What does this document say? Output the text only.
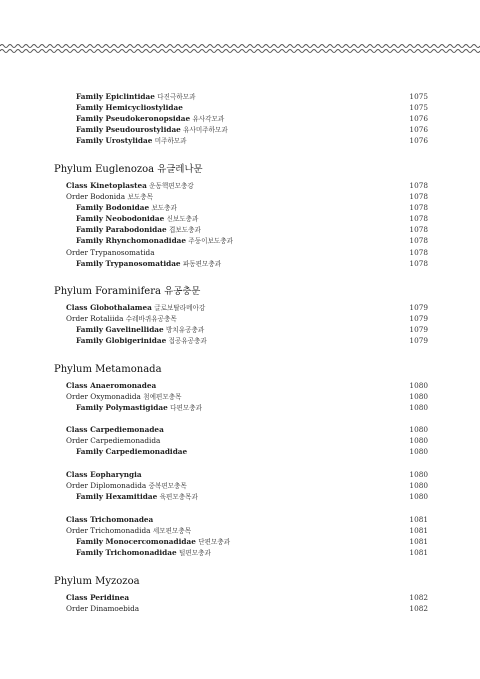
Family Epiclintidae 다진극하모과	1075
Family Hemicycliostylidae	1075
Family Pseudokeronopsidae 유사각모과	1076
Family Pseudourostylidae 유사미주하모과	1076
Family Urostylidae 미주하모과	1076
Phylum Euglenozoa 유글레나문
Class Kinetoplastea 운동핵편모충강	1078
Order Bodonida 보도충목	1078
Family Bodonidae 보도충과	1078
Family Neobodonidae 신보도충과	1078
Family Parabodonidae 겹보도충과	1078
Family Rhynchomonadidae 주둥이보도충과	1078
Order Trypanosomatida	1078
Family Trypanosomatidae 파동편모충과	1078
Phylum Foraminifera 유공충문
Class Globothalamea 글로보탈라메아강	1079
Order Rotaliida 수레바퀴유공충목	1079
Family Gavelinellidae 방치유공충과	1079
Family Globigerinidae 접공유공충과	1079
Phylum Metamonada
Class Anaeromonadea	1080
Order Oxymonadida 첨예편모충목	1080
Family Polymastigidae 다편모충과	1080
Class Carpediemonadea	1080
Order Carpediemonadida	1080
Family Carpediemonadidae	1080
Class Eopharyngia	1080
Order Diplomonadida 중복편모충목	1080
Family Hexamitidae 육편모충목과	1080
Class Trichomonadea	1081
Order Trichomonadida 세모편모충목	1081
Family Monocercomonadidae 단편모충과	1081
Family Trichomonadidae 털편모충과	1081
Phylum Myzozoa
Class Peridinea	1082
Order Dinamoebida	1082
